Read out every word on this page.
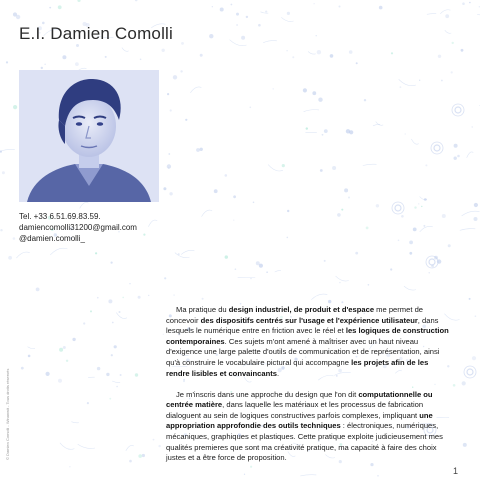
E.I. Damien Comolli
Tel. +33 6.51.69.83.59.
damiencomolli31200@gmail.com
@damien.comolli_
© Damien Comolli - Winanwit - Tous droits réservés

Ma pratique du design industriel, de produit et d'espace me permet de concevoir des dispositifs centrés sur l'usage et l'expérience utilisateur, dans lesquels le numérique entre en friction avec le réel et les logiques de construction contemporaines. Ces sujets m'ont amené à maîtriser avec un haut niveau d'exigence une large palette d'outils de communication et de représentation, ainsi qu'à construire le vocabulaire pictural qui accompagne les projets afin de les rendre lisibles et convaincants.

Je m'inscris dans une approche du design que l'on dit computationnelle ou centrée matière, dans laquelle les matériaux et les processus de fabrication dialoguent au sein de logiques constructives parfois complexes, impliquant une appropriation approfondie des outils techniques : électroniques, numériques, mécaniques, graphiques et plastiques. Cette pratique exploite judicieusement mes qualités premieres que sont ma créativité pratique, ma capacité à faire des choix justes et a être force de proposition.

1
